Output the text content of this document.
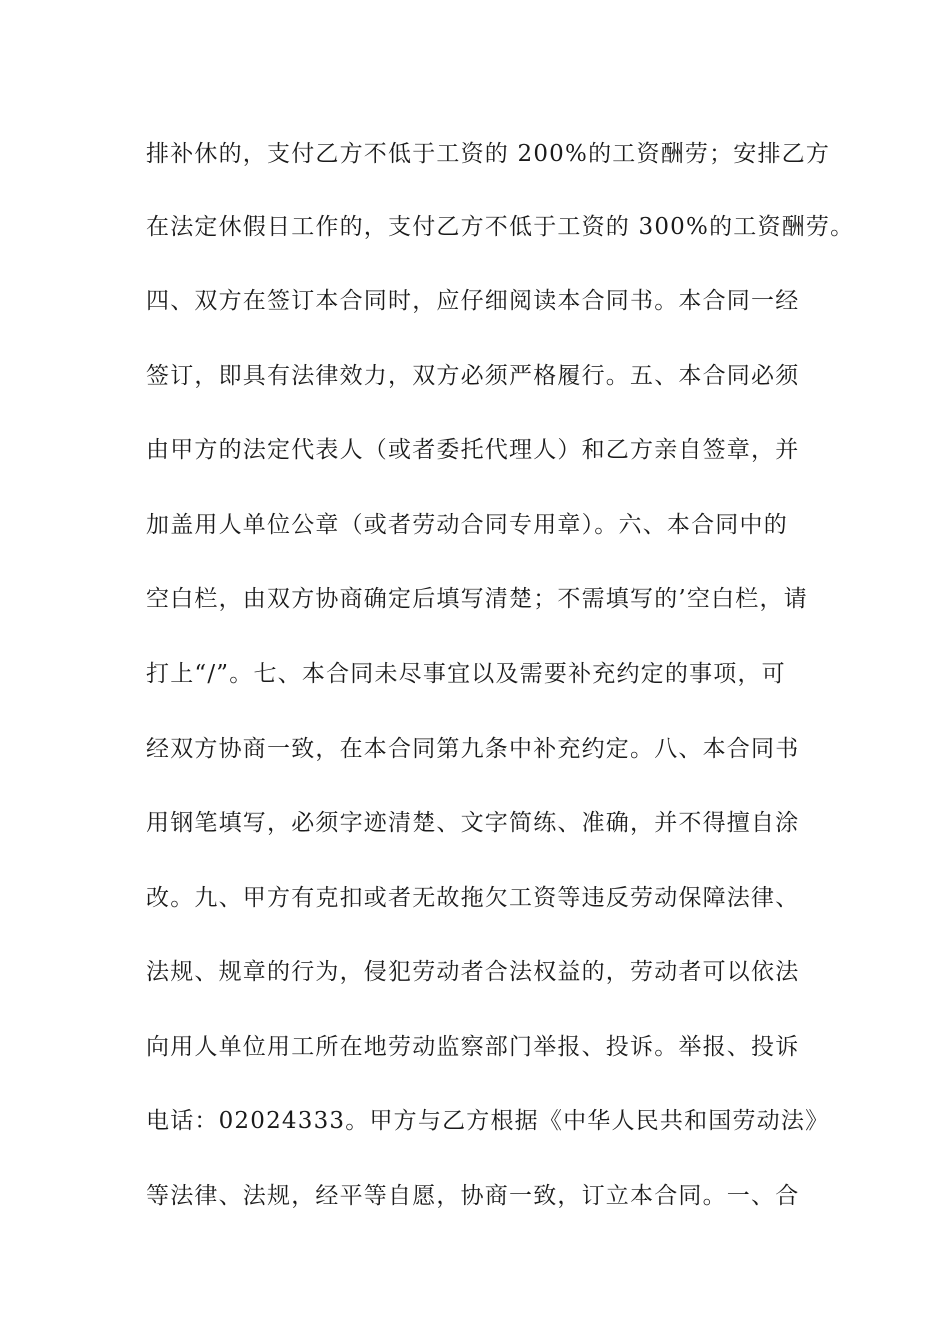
排补休的，支付乙方不低于工资的 200%的工资酬劳；安排乙方
在法定休假日工作的，支付乙方不低于工资的 300%的工资酬劳。
四、双方在签订本合同时，应仔细阅读本合同书。本合同一经
签订，即具有法律效力，双方必须严格履行。五、本合同必须
由甲方的法定代表人（或者委托代理人）和乙方亲自签章，并
加盖用人单位公章（或者劳动合同专用章）。六、本合同中的
空白栏，由双方协商确定后填写清楚；不需填写的’空白栏，请
打上“/”。七、本合同未尽事宜以及需要补充约定的事项，可
经双方协商一致，在本合同第九条中补充约定。八、本合同书
用钢笔填写，必须字迹清楚、文字简练、准确，并不得擅自涂
改。九、甲方有克扣或者无故拖欠工资等违反劳动保障法律、
法规、规章的行为，侵犯劳动者合法权益的，劳动者可以依法
向用人单位用工所在地劳动监察部门举报、投诉。举报、投诉
电话：02024333。甲方与乙方根据《中华人民共和国劳动法》
等法律、法规，经平等自愿，协商一致，订立本合同。一、合
